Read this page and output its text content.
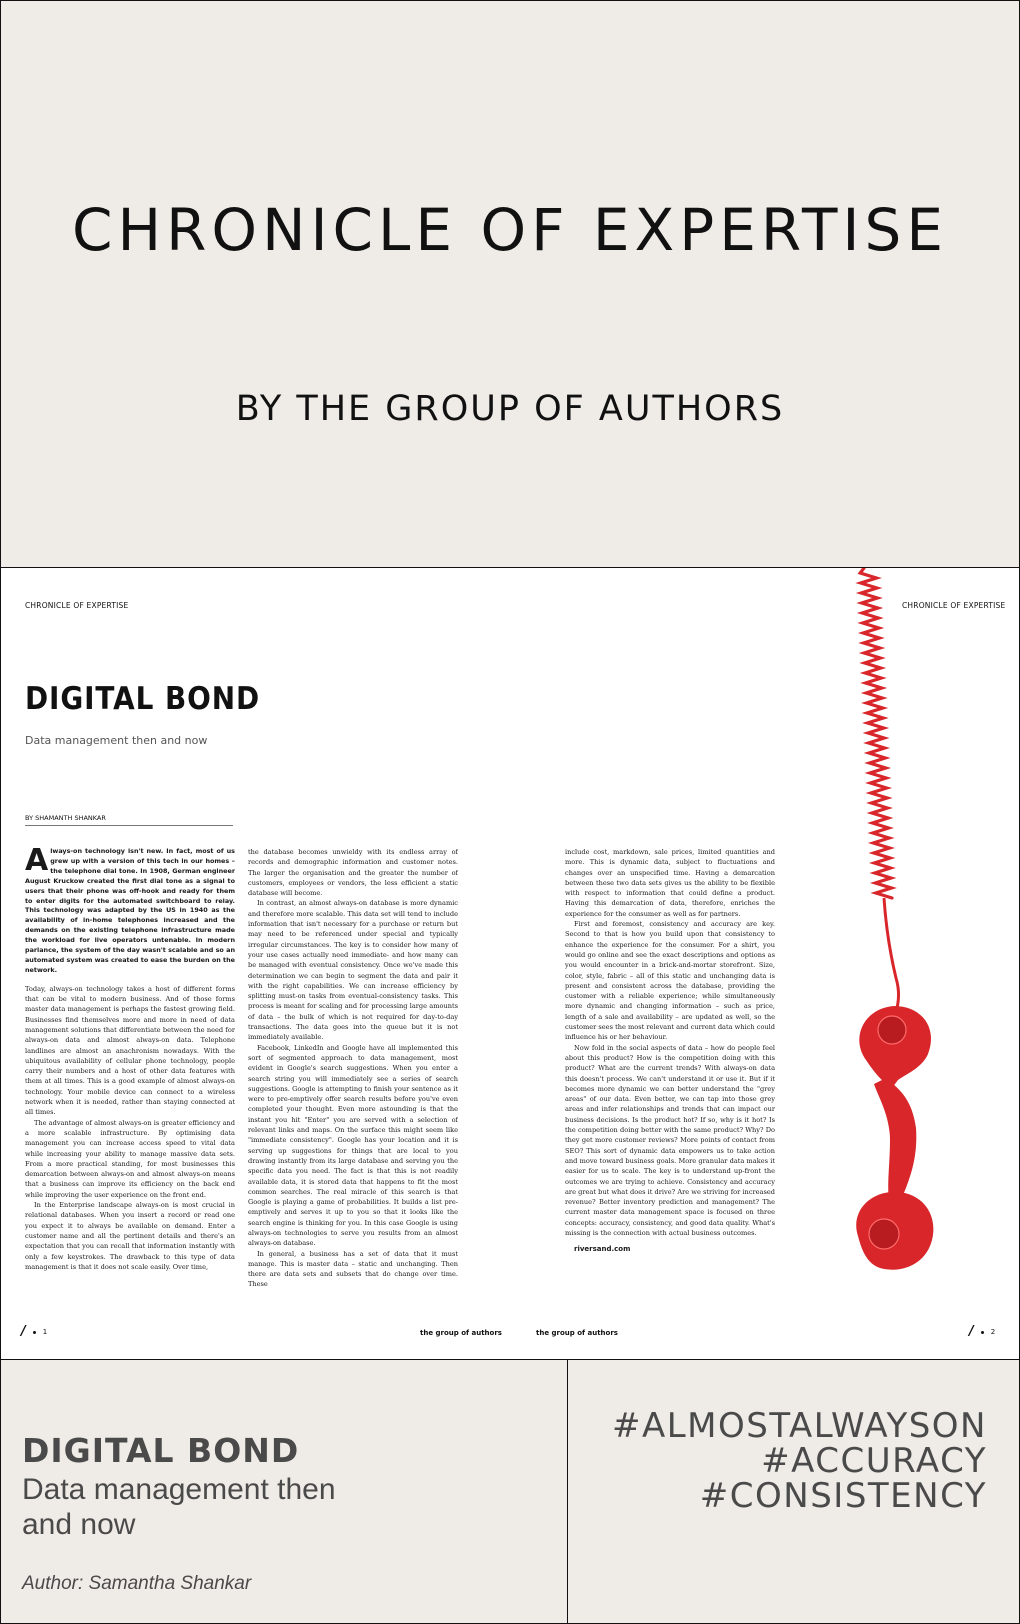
CHRONICLE OF EXPERTISE
BY THE GROUP OF AUTHORS
CHRONICLE OF EXPERTISE	CHRONICLE OF EXPERTISE
DIGITAL BOND
Data management then and now
BY SHAMANTH SHANKAR
Always-on technology isn't new. In fact, most of us grew up with a version of this tech in our homes – the telephone dial tone. In 1908, German engineer August Kruckow created the first dial tone as a signal to users that their phone was off-hook and ready for them to enter digits for the automated switchboard to relay. This technology was adapted by the US in 1940 as the availability of in-home telephones increased and the demands on the existing telephone infrastructure made the workload for live operators untenable. In modern parlance, the system of the day wasn't scalable and so an automated system was created to ease the burden on the network.

Today, always-on technology takes a host of different forms that can be vital to modern business. And of those forms master data management is perhaps the fastest growing field. Businesses find themselves more and more in need of data management solutions that differentiate between the need for always-on data and almost always-on data. Telephone landlines are almost an anachronism nowadays. With the ubiquitous availability of cellular phone technology, people carry their numbers and a host of other data features with them at all times. This is a good example of almost always-on technology. Your mobile device can connect to a wireless network when it is needed, rather than staying connected at all times.

The advantage of almost always-on is greater efficiency and a more scalable infrastructure. By optimising data management you can increase access speed to vital data while increasing your ability to manage massive data sets. From a more practical standing, for most businesses this demarcation between always-on and almost always-on means that a business can improve its efficiency on the back end while improving the user experience on the front end.

In the Enterprise landscape always-on is most crucial in relational databases. When you insert a record or read one you expect it to always be available on demand. Enter a customer name and all the pertinent details and there's an expectation that you can recall that information instantly with only a few keystrokes. The drawback to this type of data management is that it does not scale easily. Over time,

the database becomes unwieldy with its endless array of records and demographic information and customer notes. The larger the organisation and the greater the number of customers, employees or vendors, the less efficient a static database will become.

In contrast, an almost always-on database is more dynamic and therefore more scalable. This data set will tend to include information that isn't necessary for a purchase or return but may need to be referenced under special and typically irregular circumstances. The key is to consider how many of your use cases actually need immediate- and how many can be managed with eventual consistency. Once we've made this determination we can begin to segment the data and pair it with the right capabilities. We can increase efficiency by splitting must-on tasks from eventual-consistency tasks. This process is meant for scaling and for processing large amounts of data – the bulk of which is not required for day-to-day transactions. The data goes into the queue but it is not immediately available.

Facebook, LinkedIn and Google have all implemented this sort of segmented approach to data management, most evident in Google's search suggestions. When you enter a search string you will immediately see a series of search suggestions. Google is attempting to finish your sentence as it were to pre-emptively offer search results before you've even completed your thought. Even more astounding is that the instant you hit "Enter" you are served with a selection of relevant links and maps. On the surface this might seem like "immediate consistency". Google has your location and it is serving up suggestions for things that are local to you drawing instantly from its large database and serving you the specific data you need. The fact is that this is not readily available data, it is stored data that happens to fit the most common searches. The real miracle of this search is that Google is playing a game of probabilities. It builds a list pre-emptively and serves it up to you so that it looks like the search engine is thinking for you. In this case Google is using always-on technologies to serve you results from an almost always-on database.

In general, a business has a set of data that it must manage. This is master data – static and unchanging. Then there are data sets and subsets that do change over time. These

include cost, markdown, sale prices, limited quantities and more. This is dynamic data, subject to fluctuations and changes over an unspecified time. Having a demarcation between these two data sets gives us the ability to be flexible with respect to information that could define a product. Having this demarcation of data, therefore, enriches the experience for the consumer as well as for partners.

First and foremost, consistency and accuracy are key. Second to that is how you build upon that consistency to enhance the experience for the consumer. For a shirt, you would go online and see the exact descriptions and options as you would encounter in a brick-and-mortar storefront. Size, color, style, fabric – all of this static and unchanging data is present and consistent across the database, providing the customer with a reliable experience; while simultaneously more dynamic and changing information – such as price, length of a sale and availability – are updated as well, so the customer sees the most relevant and current data which could influence his or her behaviour.

Now fold in the social aspects of data – how do people feel about this product? How is the competition doing with this product? What are the current trends? With always-on data this doesn't process. We can't understand it or use it. But if it becomes more dynamic we can better understand the "grey areas" of our data. Even better, we can tap into those grey areas and infer relationships and trends that can impact our business decisions. Is the product hot? If so, why is it hot? Is the competition doing better with the same product? Why? Do they get more customer reviews? More points of contact from SEO? This sort of dynamic data empowers us to take action and move toward business goals. More granular data makes it easier for us to scale. The key is to understand up-front the outcomes we are trying to achieve. Consistency and accuracy are great but what does it drive? Are we striving for increased revenue? Better inventory prediction and management? The current master data management space is focused on three concepts: accuracy, consistency, and good data quality. What's missing is the connection with actual business outcomes.

riversand.com

/ 1	the group of authors	the group of authors	/ 2
DIGITAL BOND
Data management then and now
Author: Samantha Shankar
#ALMOSTALWAYSON
#ACCURACY
#CONSISTENCY
